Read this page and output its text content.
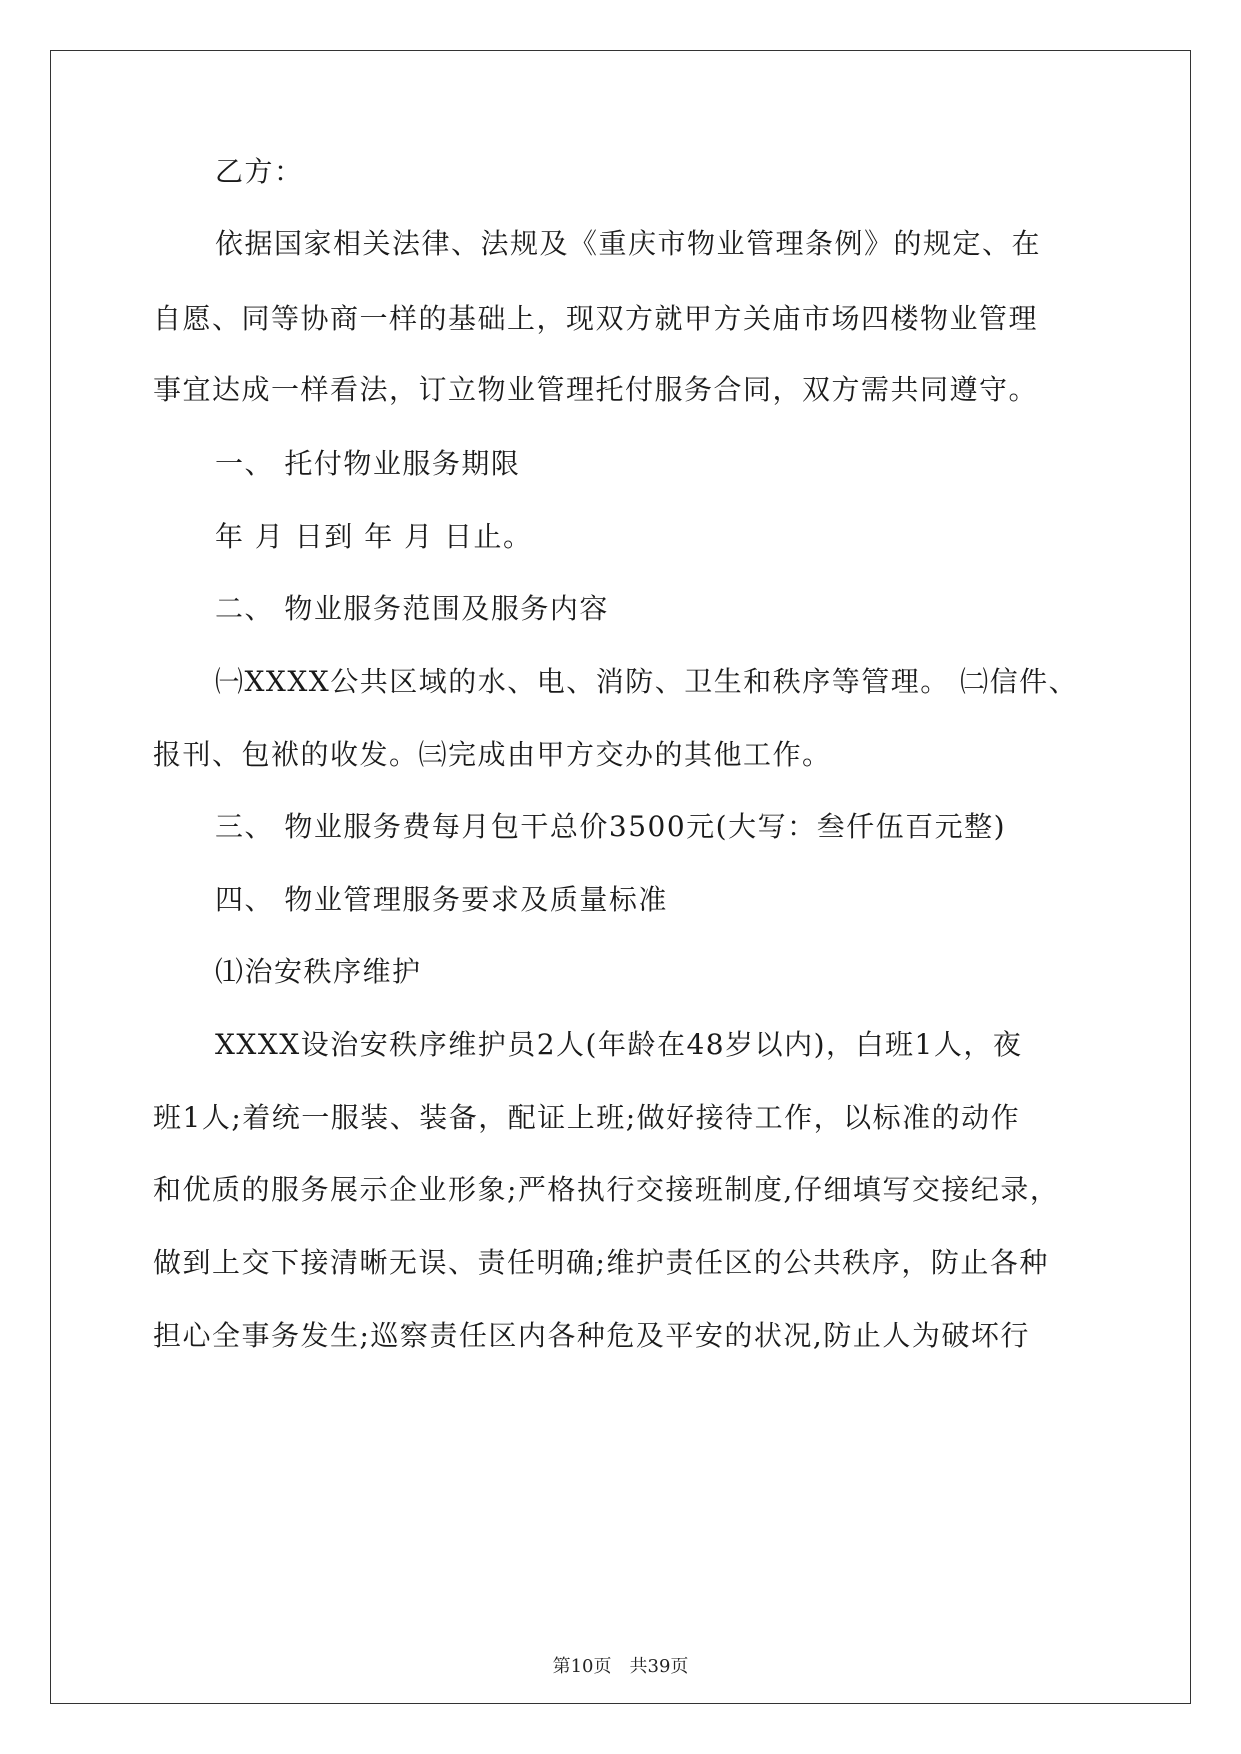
乙方：
依据国家相关法律、法规及《重庆市物业管理条例》的规定、在
自愿、同等协商一样的基础上，现双方就甲方关庙市场四楼物业管理
事宜达成一样看法，订立物业管理托付服务合同，双方需共同遵守。
一、 托付物业服务期限
年 月 日到 年 月 日止。
二、 物业服务范围及服务内容
㈠XXXX公共区域的水、电、消防、卫生和秩序等管理。 ㈡信件、
报刊、包袱的收发。㈢完成由甲方交办的其他工作。
三、 物业服务费每月包干总价3500元(大写：叁仟伍百元整)
四、 物业管理服务要求及质量标准
⑴治安秩序维护
XXXX设治安秩序维护员2人(年龄在48岁以内)，白班1人，夜
班1人;着统一服装、装备，配证上班;做好接待工作，以标准的动作
和优质的服务展示企业形象;严格执行交接班制度,仔细填写交接纪录，
做到上交下接清晰无误、责任明确;维护责任区的公共秩序，防止各种
担心全事务发生;巡察责任区内各种危及平安的状况,防止人为破坏行
第10页　共39页
